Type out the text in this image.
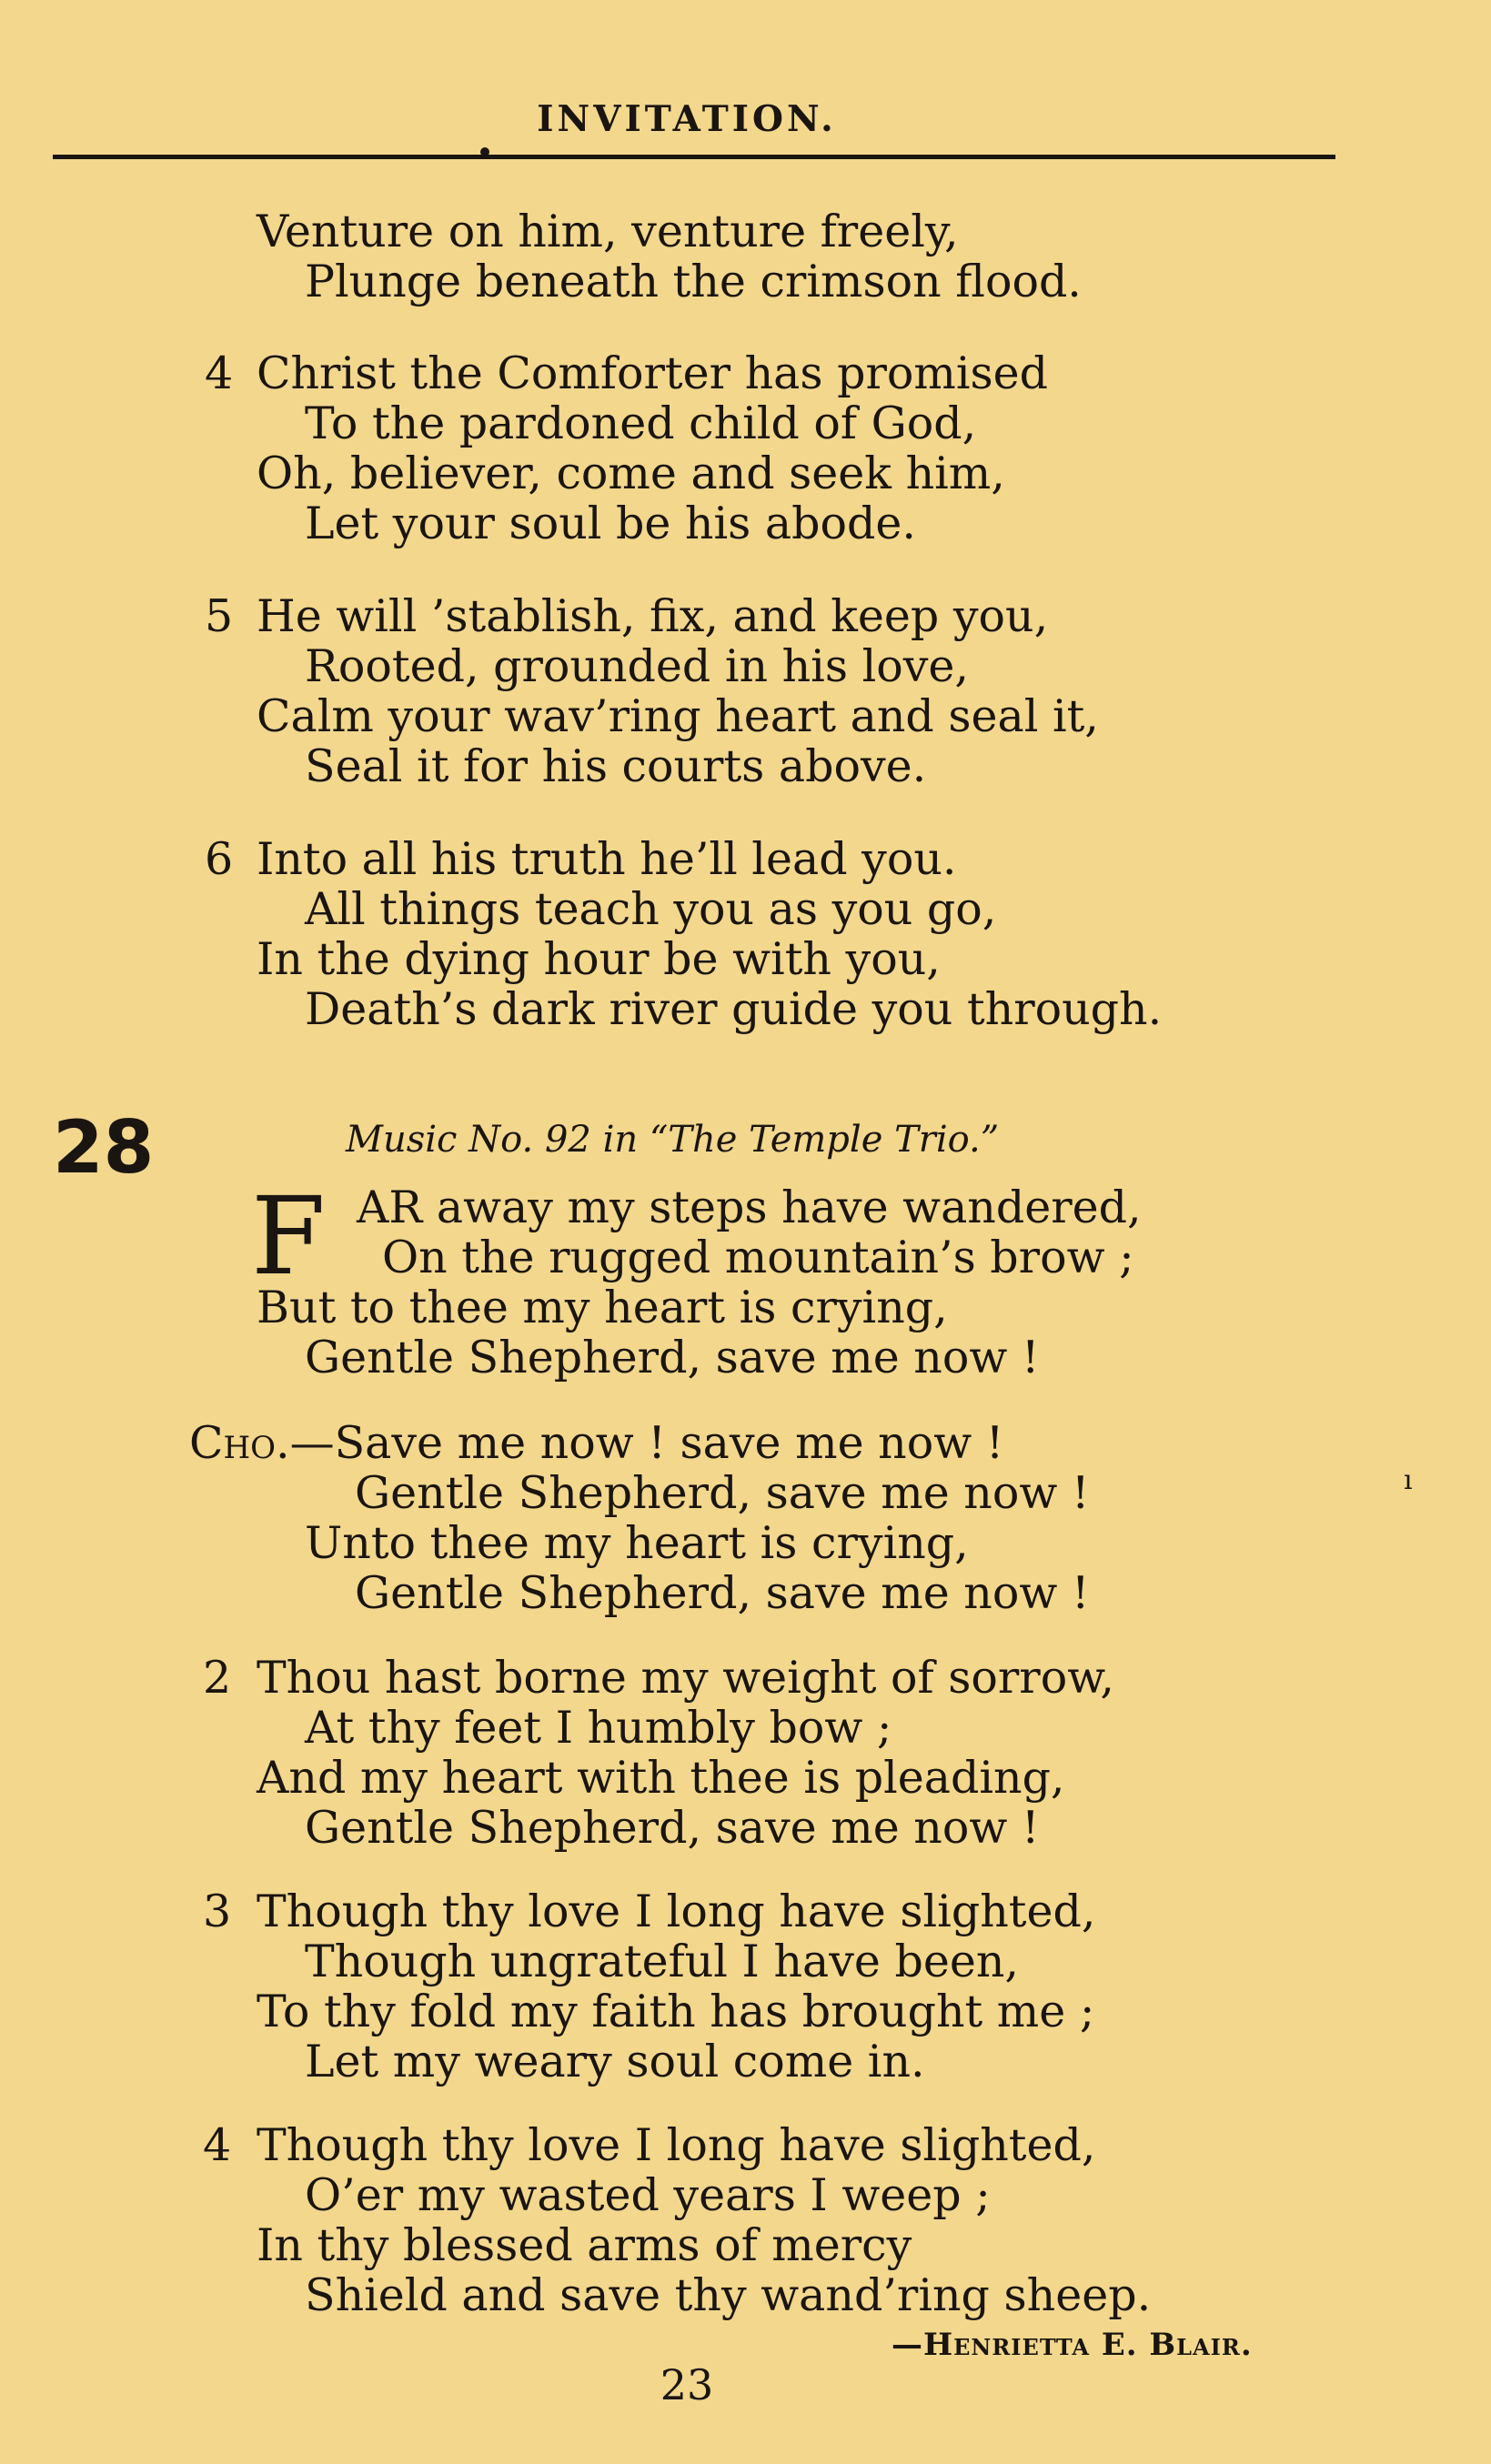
INVITATION.
Venture on him, venture freely,
Plunge beneath the crimson flood.
4 Christ the Comforter has promised
To the pardoned child of God,
Oh, believer, come and seek him,
Let your soul be his abode.
5 He will ’stablish, fix, and keep you,
Rooted, grounded in his love,
Calm your wav’ring heart and seal it,
Seal it for his courts above.
6 Into all his truth he’ll lead you.
All things teach you as you go,
In the dying hour be with you,
Death’s dark river guide you through.
28	Music No. 92 in “The Temple Trio.”
F AR away my steps have wandered,
On the rugged mountain’s brow ;
But to thee my heart is crying,
Gentle Shepherd, save me now !
Cho.—Save me now ! save me now !
Gentle Shepherd, save me now !
Unto thee my heart is crying,
Gentle Shepherd, save me now !
2 Thou hast borne my weight of sorrow,
At thy feet I humbly bow ;
And my heart with thee is pleading,
Gentle Shepherd, save me now !
3 Though thy love I long have slighted,
Though ungrateful I have been,
To thy fold my faith has brought me ;
Let my weary soul come in.
4 Though thy love I long have slighted,
O’er my wasted years I weep ;
In thy blessed arms of mercy
Shield and save thy wand’ring sheep.
—Henrietta E. Blair.
23
ı
